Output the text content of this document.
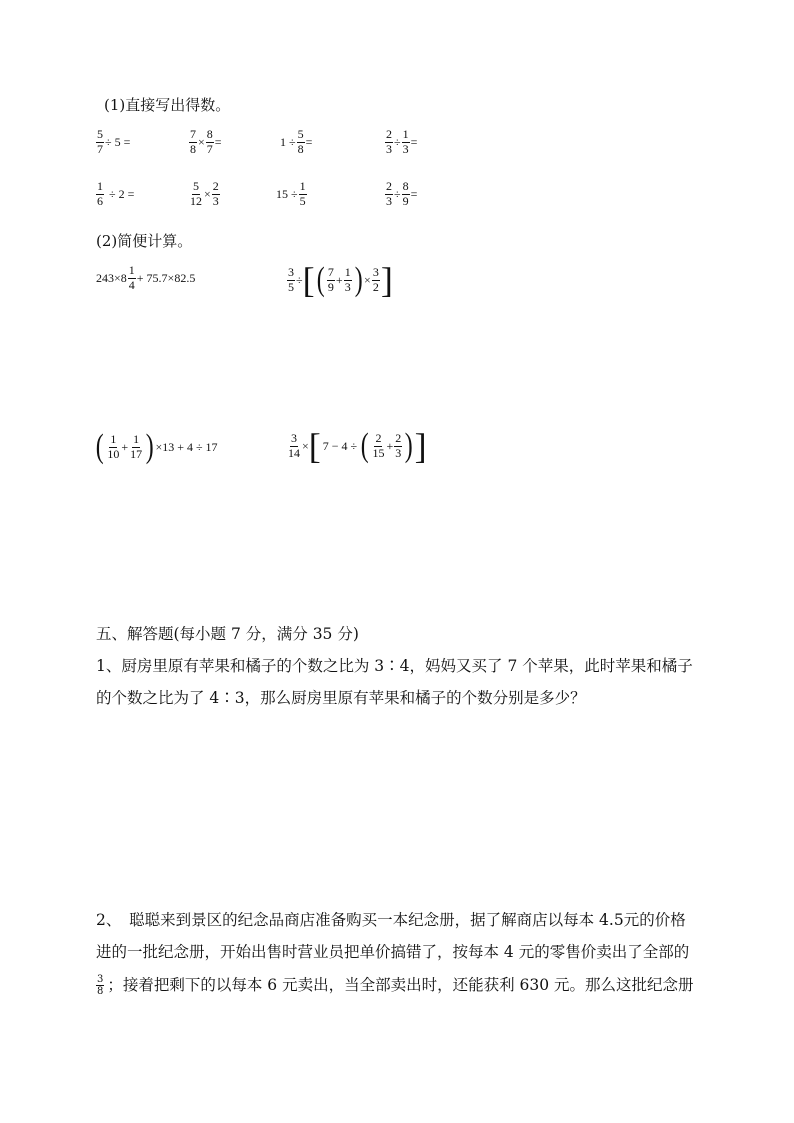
(1)直接写出得数。
$\frac{5}{7} \div 5$ =	$\frac{7}{8} \times \frac{8}{7}$ =	$1 \div \frac{5}{8}$ =	$\frac{2}{3} \div \frac{1}{3}$ =
$\frac{1}{6} \div 2$ =	$\frac{5}{12} \times \frac{2}{3}$	$15 \div \frac{1}{5}$	$\frac{2}{3} \div \frac{8}{9}$ =
(2)简便计算。
$243\times 8 \frac{1}{4} + 75.7\times 82.5$	$\frac{3}{5}$ ÷ [ ( $\frac{7}{9} + \frac{1}{3}$ ) × $\frac{3}{2}$ ]
( $\frac{1}{10} + \frac{1}{17}$ ) ×13 + 4 ÷ 17	$\frac{3}{14}$ × [ 7 − 4 ÷ ( $\frac{2}{15} + \frac{2}{3}$ ) ]
五、解答题(每小题 7 分，满分 35 分)
1、厨房里原有苹果和橘子的个数之比为 3∶4，妈妈又买了 7 个苹果，此时苹果和橘子
的个数之比为了 4∶3，那么厨房里原有苹果和橘子的个数分别是多少？
2、　聪聪来到景区的纪念品商店准备购买一本纪念册，据了解商店以每本 4.5元的价格
进的一批纪念册，开始出售时营业员把单价搞错了，按每本 4 元的零售价卖出了全部的
$\frac{3}{8}$ ；接着把剩下的以每本 6 元卖出，当全部卖出时，还能获利 630 元。那么这批纪念册
